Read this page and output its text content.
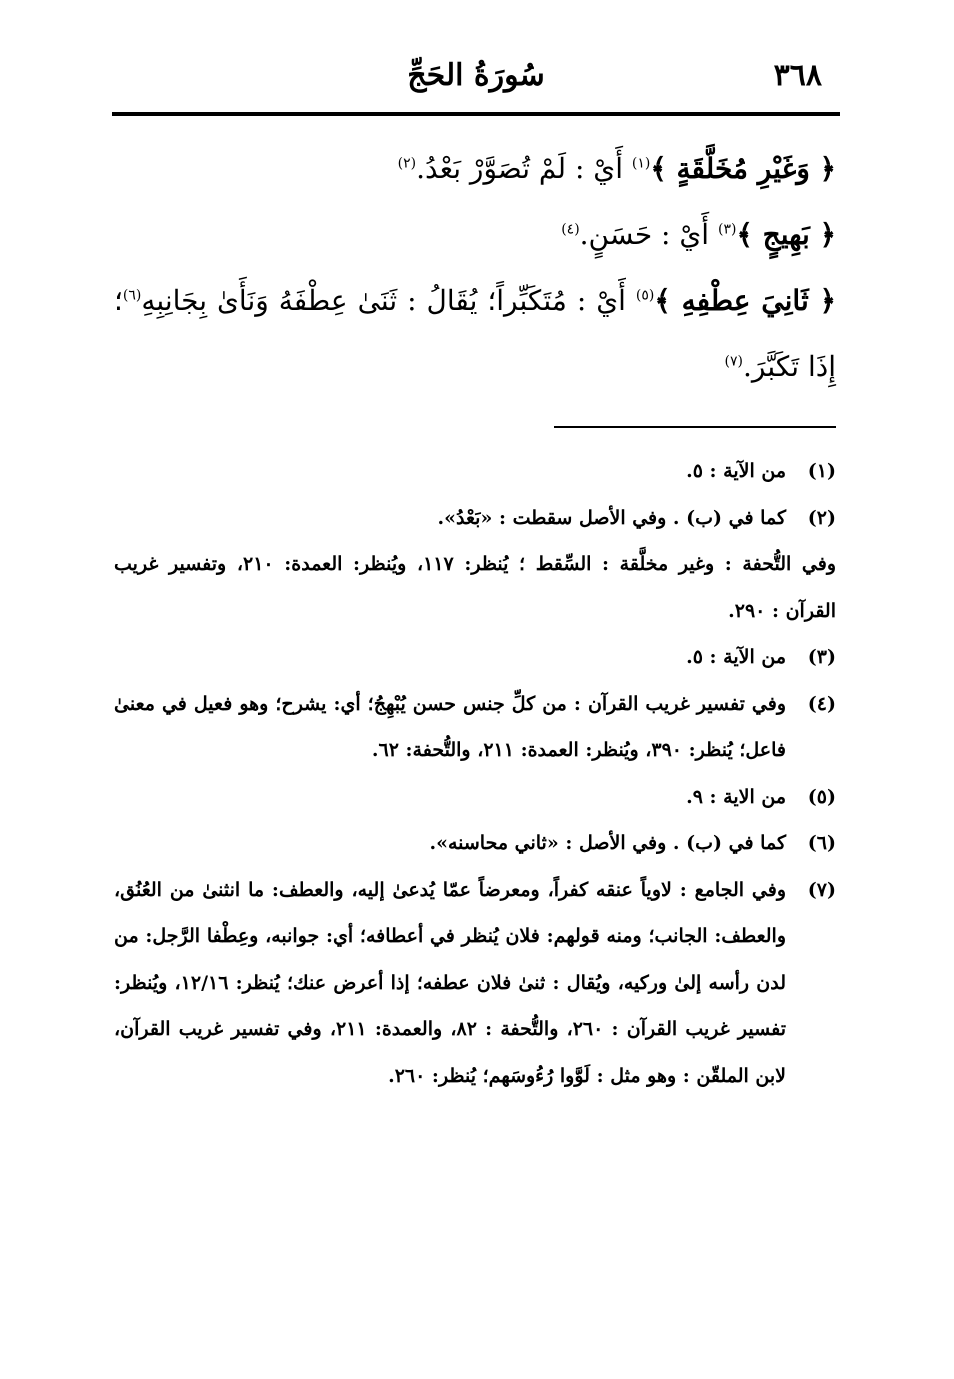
٣٦٨
سُورَةُ الحَجِّ

﴿ وَغَيْرِ مُخَلَّقَةٍ ﴾$^{(١)}$ أَيْ : لَمْ تُصَوَّرْ بَعْدُ.$^{(٢)}$

﴿ بَهِيجٍ ﴾$^{(٣)}$ أَيْ : حَسَنٍ.$^{(٤)}$

﴿ ثَانِيَ عِطْفِهِ ﴾$^{(٥)}$ أَيْ : مُتَكَبِّراً؛ يُقَالُ : ثَنَىٰ عِطْفَهُ وَنَأَىٰ بِجَانِبِهِ$^{(٦)}$؛ إِذَا تَكَبَّرَ.$^{(٧)}$

(١)
من الآية : ٥.
(٢)
كما في (ب) . وفي الأصل سقطت : «بَعْدُ».

وفي التُّحفة : وغير مخلَّقة : السِّقط ؛ يُنظر: ١١٧، ويُنظر: العمدة: ٢١٠، وتفسير غريب القرآن : ٢٩٠.

(٣)
من الآية : ٥.
(٤)
وفي تفسير غريب القرآن : من كلِّ جنس حسن يُبْهِجُ؛ أي: يشرح؛ وهو فعيل في معنىٰ فاعل؛ يُنظر: ٣٩٠، ويُنظر: العمدة: ٢١١، والتُّحفة: ٦٢.
(٥)
من الاية : ٩.
(٦)
كما في (ب) . وفي الأصل : «ثاني محاسنه».
(٧)
وفي الجامع : لاوياً عنقه كفراً، ومعرضاً عمّا يُدعىٰ إليه، والعطف: ما انثنىٰ من العُنُق، والعطف: الجانب؛ ومنه قولهم: فلان يُنظر في أعطافه؛ أي: جوانبه، وعِطْفا الرَّجل: من لدن رأسه إلىٰ وركيه، ويُقال : ثنىٰ فلان عطفه؛ إذا أعرض عنك؛ يُنظر: ١٢/١٦، ويُنظر: تفسير غريب القرآن : ٢٦٠، والتُّحفة : ٨٢، والعمدة: ٢١١، وفي تفسير غريب القرآن، لابن الملقّن : وهو مثل : لَوَّوا رُءُوسَهم؛ يُنظر: ٢٦٠.
